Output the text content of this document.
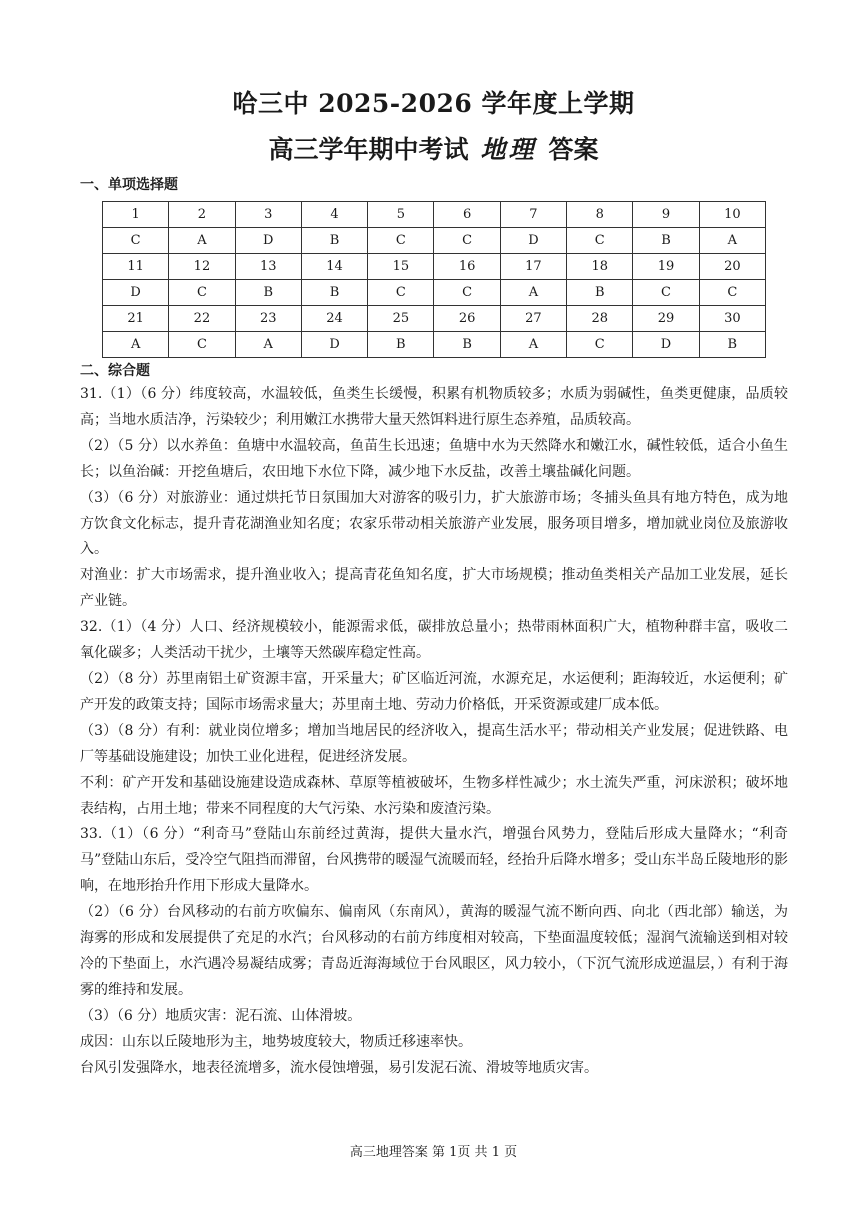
哈三中 2025-2026 学年度上学期
高三学年期中考试 地理 答案
一、单项选择题
1	2	3	4	5	6	7	8	9	10
C	A	D	B	C	C	D	C	B	A
11	12	13	14	15	16	17	18	19	20
D	C	B	B	C	C	A	B	C	C
21	22	23	24	25	26	27	28	29	30
A	C	A	D	B	B	A	C	D	B
二、综合题

31.（1）（6 分）纬度较高，水温较低，鱼类生长缓慢，积累有机物质较多；水质为弱碱性，鱼类更健康，品质较高；当地水质洁净，污染较少；利用嫩江水携带大量天然饵料进行原生态养殖，品质较高。

（2）（5 分）以水养鱼：鱼塘中水温较高，鱼苗生长迅速；鱼塘中水为天然降水和嫩江水，碱性较低，适合小鱼生长；以鱼治碱：开挖鱼塘后，农田地下水位下降，减少地下水反盐，改善土壤盐碱化问题。

（3）（6 分）对旅游业：通过烘托节日氛围加大对游客的吸引力，扩大旅游市场；冬捕头鱼具有地方特色，成为地方饮食文化标志，提升青花湖渔业知名度；农家乐带动相关旅游产业发展，服务项目增多，增加就业岗位及旅游收入。

对渔业：扩大市场需求，提升渔业收入；提高青花鱼知名度，扩大市场规模；推动鱼类相关产品加工业发展，延长产业链。

32.（1）（4 分）人口、经济规模较小，能源需求低，碳排放总量小；热带雨林面积广大，植物种群丰富，吸收二氧化碳多；人类活动干扰少，土壤等天然碳库稳定性高。

（2）（8 分）苏里南铝土矿资源丰富，开采量大；矿区临近河流，水源充足，水运便利；距海较近，水运便利；矿产开发的政策支持；国际市场需求量大；苏里南土地、劳动力价格低，开采资源或建厂成本低。

（3）（8 分）有利：就业岗位增多；增加当地居民的经济收入，提高生活水平；带动相关产业发展；促进铁路、电厂等基础设施建设；加快工业化进程，促进经济发展。

不利：矿产开发和基础设施建设造成森林、草原等植被破坏，生物多样性减少；水土流失严重，河床淤积；破坏地表结构，占用土地；带来不同程度的大气污染、水污染和废渣污染。

33.（1）（6 分）“利奇马”登陆山东前经过黄海，提供大量水汽，增强台风势力，登陆后形成大量降水；“利奇马”登陆山东后，受冷空气阻挡而滞留，台风携带的暖湿气流暖而轻，经抬升后降水增多；受山东半岛丘陵地形的影响，在地形抬升作用下形成大量降水。

（2）（6 分）台风移动的右前方吹偏东、偏南风（东南风），黄海的暖湿气流不断向西、向北（西北部）输送，为海雾的形成和发展提供了充足的水汽；台风移动的右前方纬度相对较高，下垫面温度较低；湿润气流输送到相对较冷的下垫面上，水汽遇冷易凝结成雾；青岛近海海域位于台风眼区，风力较小，（下沉气流形成逆温层，）有利于海雾的维持和发展。

（3）（6 分）地质灾害：泥石流、山体滑坡。

成因：山东以丘陵地形为主，地势坡度较大，物质迁移速率快。

台风引发强降水，地表径流增多，流水侵蚀增强，易引发泥石流、滑坡等地质灾害。

高三地理答案 第 1页 共 1 页
